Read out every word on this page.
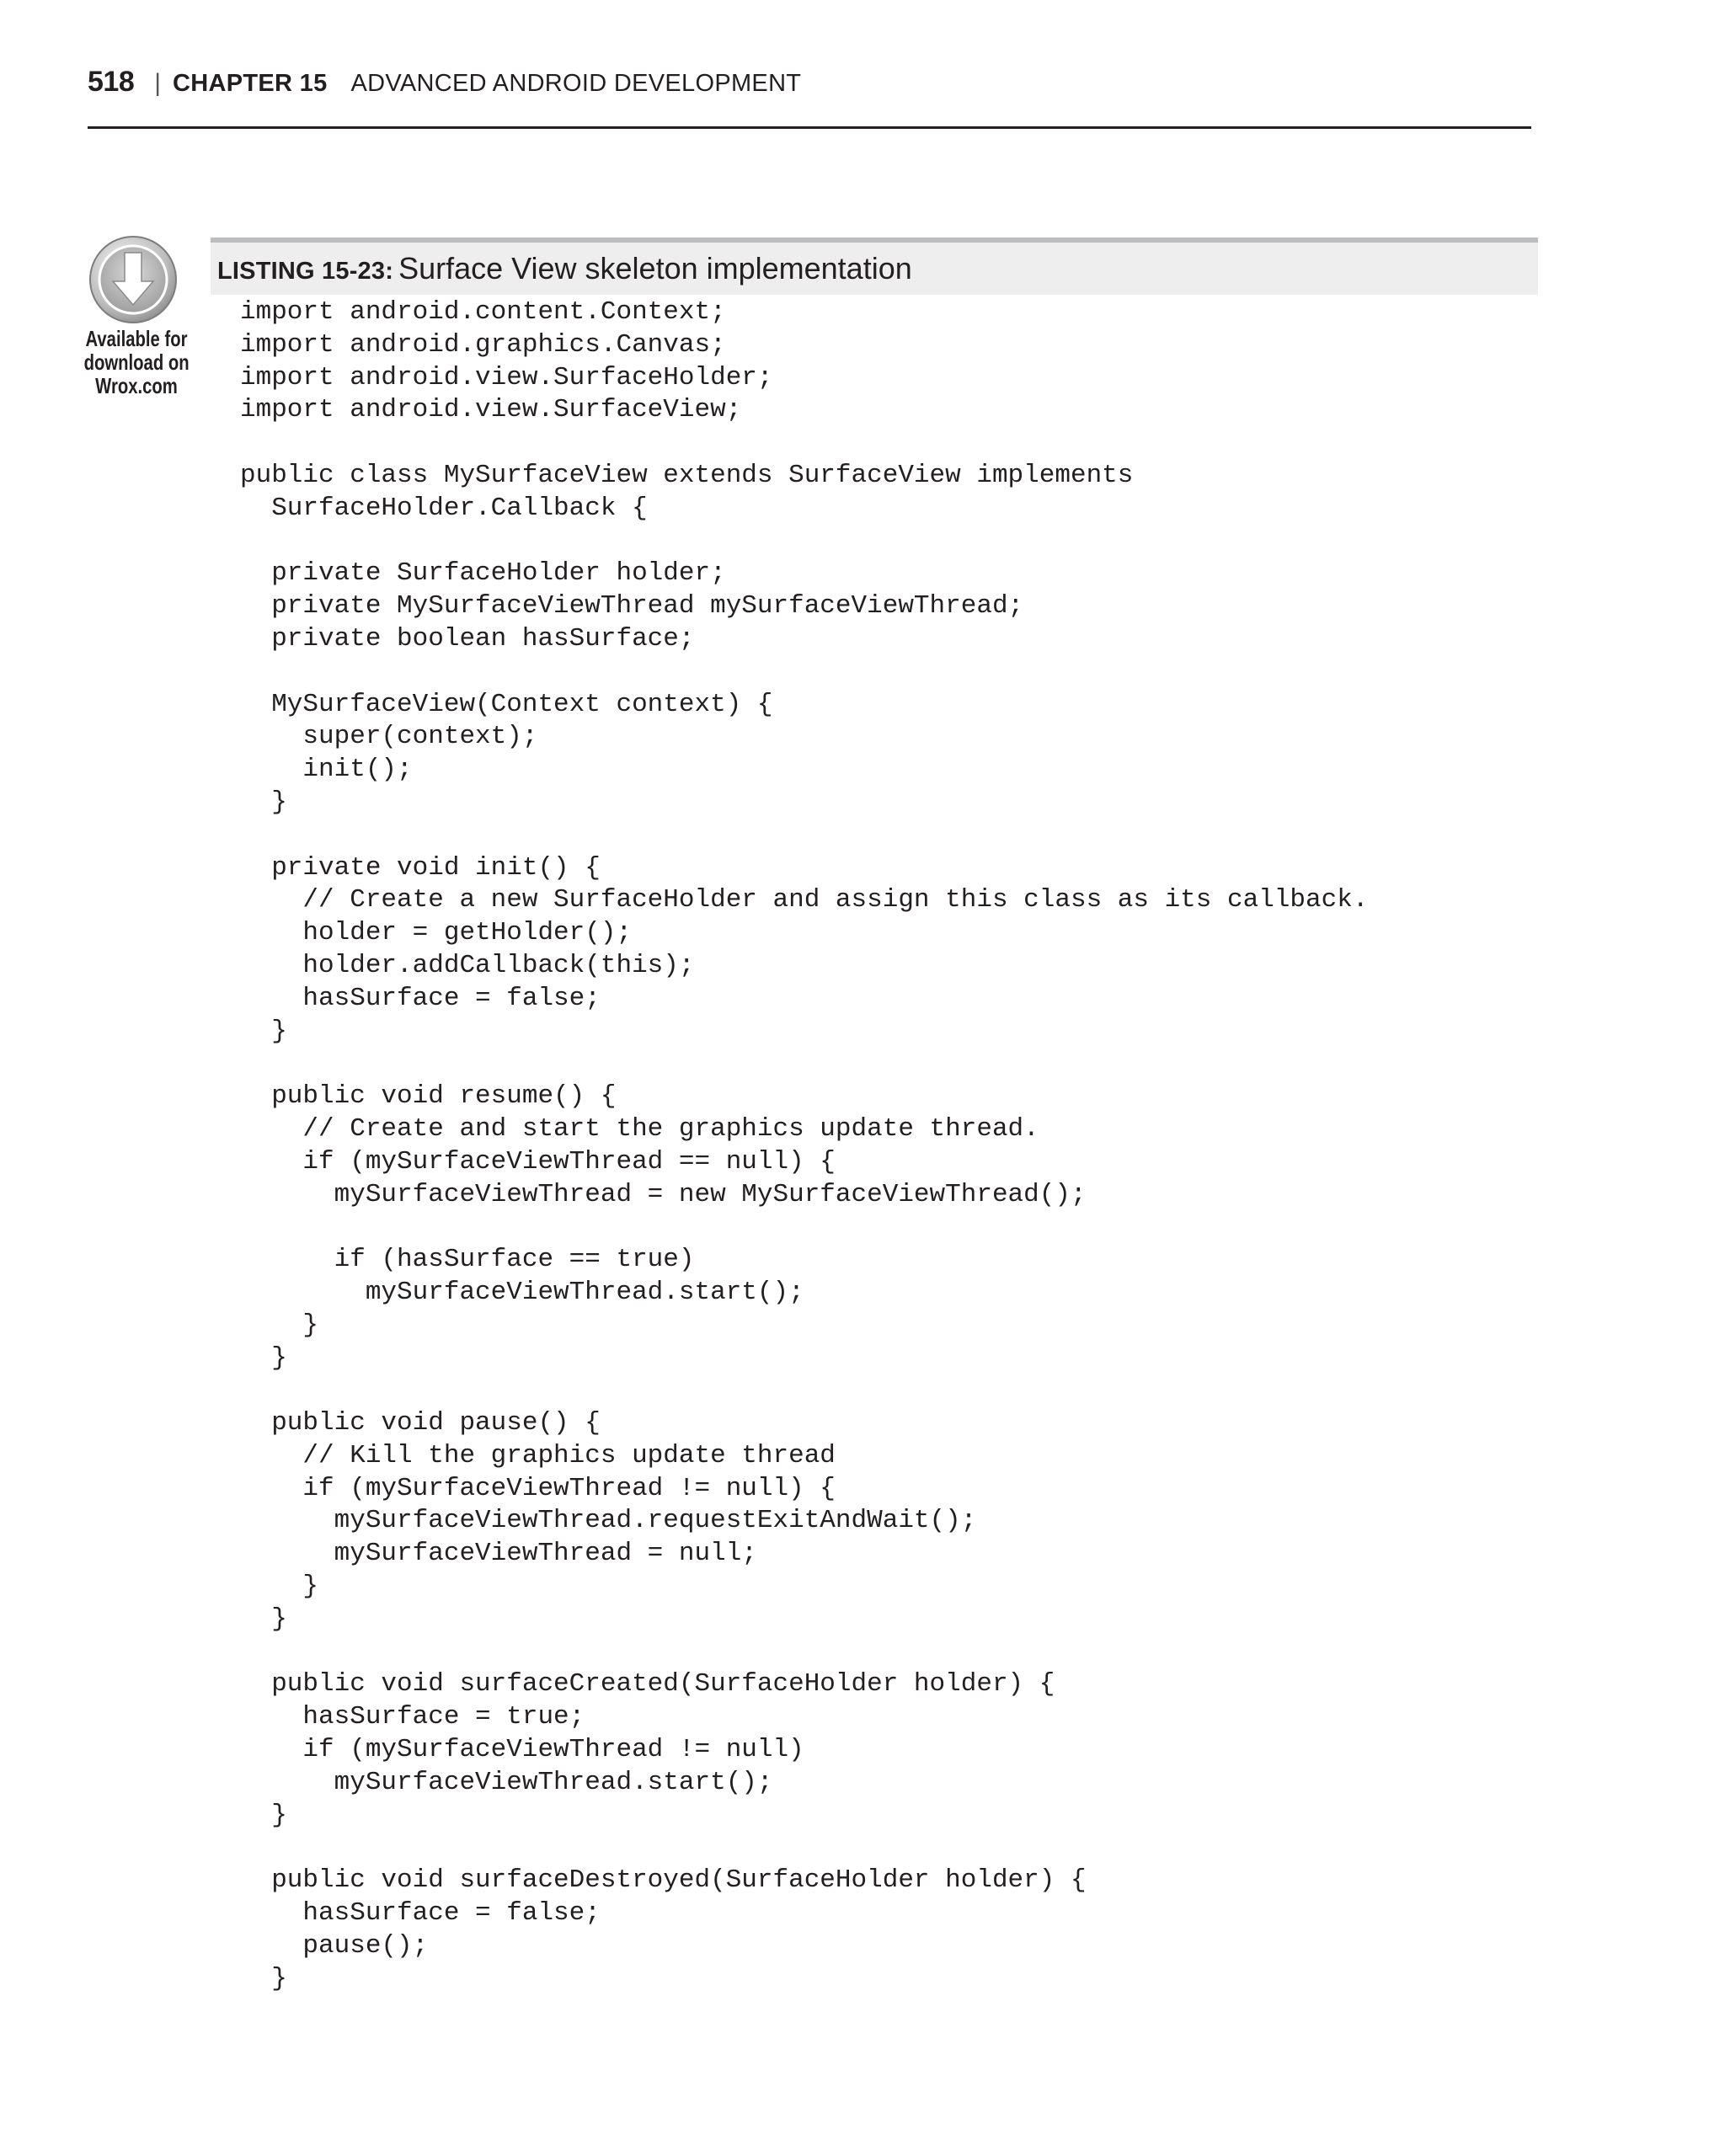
518 | CHAPTER 15 ADVANCED ANDROID DEVELOPMENT
LISTING 15-23: Surface View skeleton implementation
Available for
download on
Wrox.com
import android.content.Context;
import android.graphics.Canvas;
import android.view.SurfaceHolder;
import android.view.SurfaceView;
public class MySurfaceView extends SurfaceView implements
SurfaceHolder.Callback {
private SurfaceHolder holder;
private MySurfaceViewThread mySurfaceViewThread;
private boolean hasSurface;
MySurfaceView(Context context) {
super(context);
init();
}
private void init() {
// Create a new SurfaceHolder and assign this class as its callback.
holder = getHolder();
holder.addCallback(this);
hasSurface = false;
}
public void resume() {
// Create and start the graphics update thread.
if (mySurfaceViewThread == null) {
mySurfaceViewThread = new MySurfaceViewThread();
if (hasSurface == true)
mySurfaceViewThread.start();
}
}
public void pause() {
// Kill the graphics update thread
if (mySurfaceViewThread != null) {
mySurfaceViewThread.requestExitAndWait();
mySurfaceViewThread = null;
}
}
public void surfaceCreated(SurfaceHolder holder) {
hasSurface = true;
if (mySurfaceViewThread != null)
mySurfaceViewThread.start();
}
public void surfaceDestroyed(SurfaceHolder holder) {
hasSurface = false;
pause();
}
